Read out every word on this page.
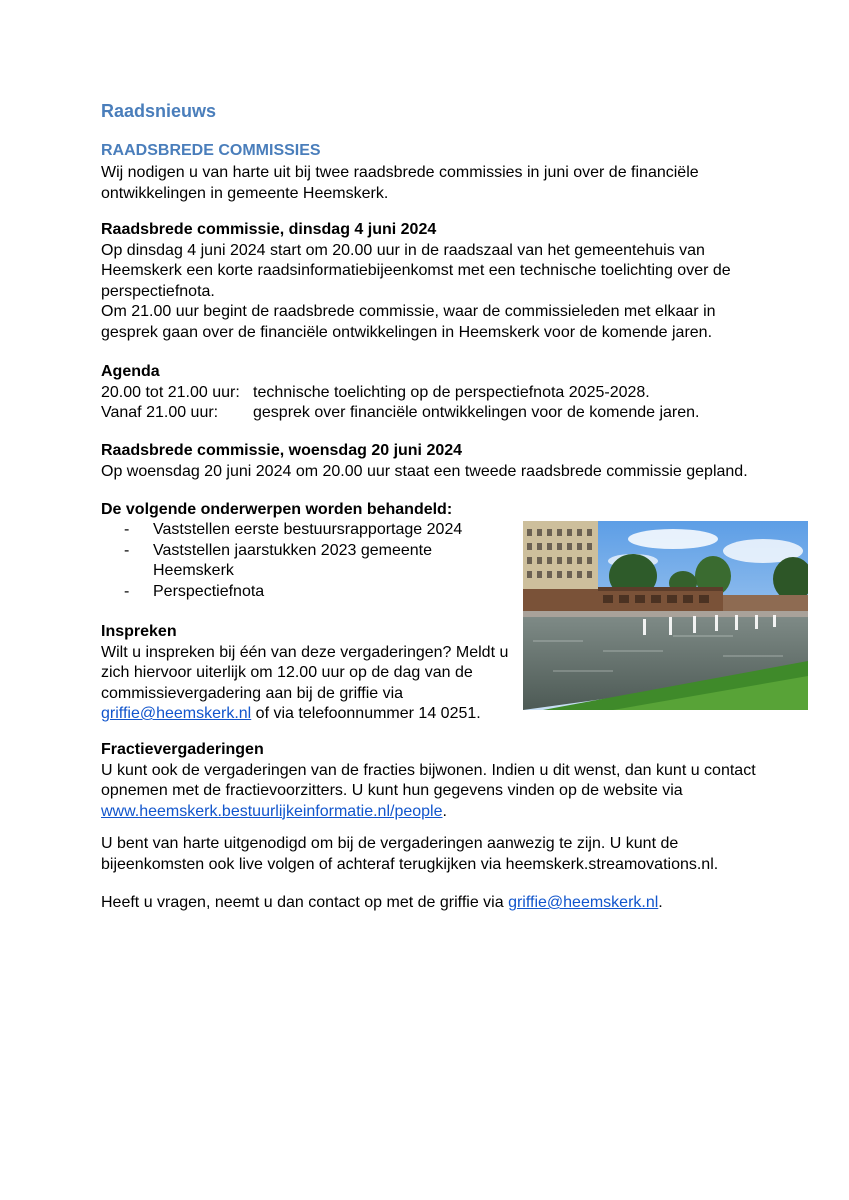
Raadsnieuws
RAADSBREDE COMMISSIES
Wij nodigen u van harte uit bij twee raadsbrede commissies in juni over de financiële
ontwikkelingen in gemeente Heemskerk.
Raadsbrede commissie, dinsdag 4 juni 2024
Op dinsdag 4 juni 2024 start om 20.00 uur in de raadszaal van het gemeentehuis van
Heemskerk een korte raadsinformatiebijeenkomst met een technische toelichting over de
perspectiefnota.
Om 21.00 uur begint de raadsbrede commissie, waar de commissieleden met elkaar in
gesprek gaan over de financiële ontwikkelingen in Heemskerk voor de komende jaren.
Agenda
20.00 tot 21.00 uur: technische toelichting op de perspectiefnota 2025-2028.
Vanaf 21.00 uur: gesprek over financiële ontwikkelingen voor de komende jaren.
Raadsbrede commissie, woensdag 20 juni 2024
Op woensdag 20 juni 2024 om 20.00 uur staat een tweede raadsbrede commissie gepland.
De volgende onderwerpen worden behandeld:
- Vaststellen eerste bestuursrapportage 2024
- Vaststellen jaarstukken 2023 gemeente
Heemskerk
- Perspectiefnota
Inspreken
Wilt u inspreken bij één van deze vergaderingen? Meldt u
zich hiervoor uiterlijk om 12.00 uur op de dag van de
commissievergadering aan bij de griffie via
griffie@heemskerk.nl of via telefoonnummer 14 0251.
Fractievergaderingen
U kunt ook de vergaderingen van de fracties bijwonen. Indien u dit wenst, dan kunt u contact
opnemen met de fractievoorzitters. U kunt hun gegevens vinden op de website via
www.heemskerk.bestuurlijkeinformatie.nl/people.
U bent van harte uitgenodigd om bij de vergaderingen aanwezig te zijn. U kunt de
bijeenkomsten ook live volgen of achteraf terugkijken via heemskerk.streamovations.nl.
Heeft u vragen, neemt u dan contact op met de griffie via griffie@heemskerk.nl.
